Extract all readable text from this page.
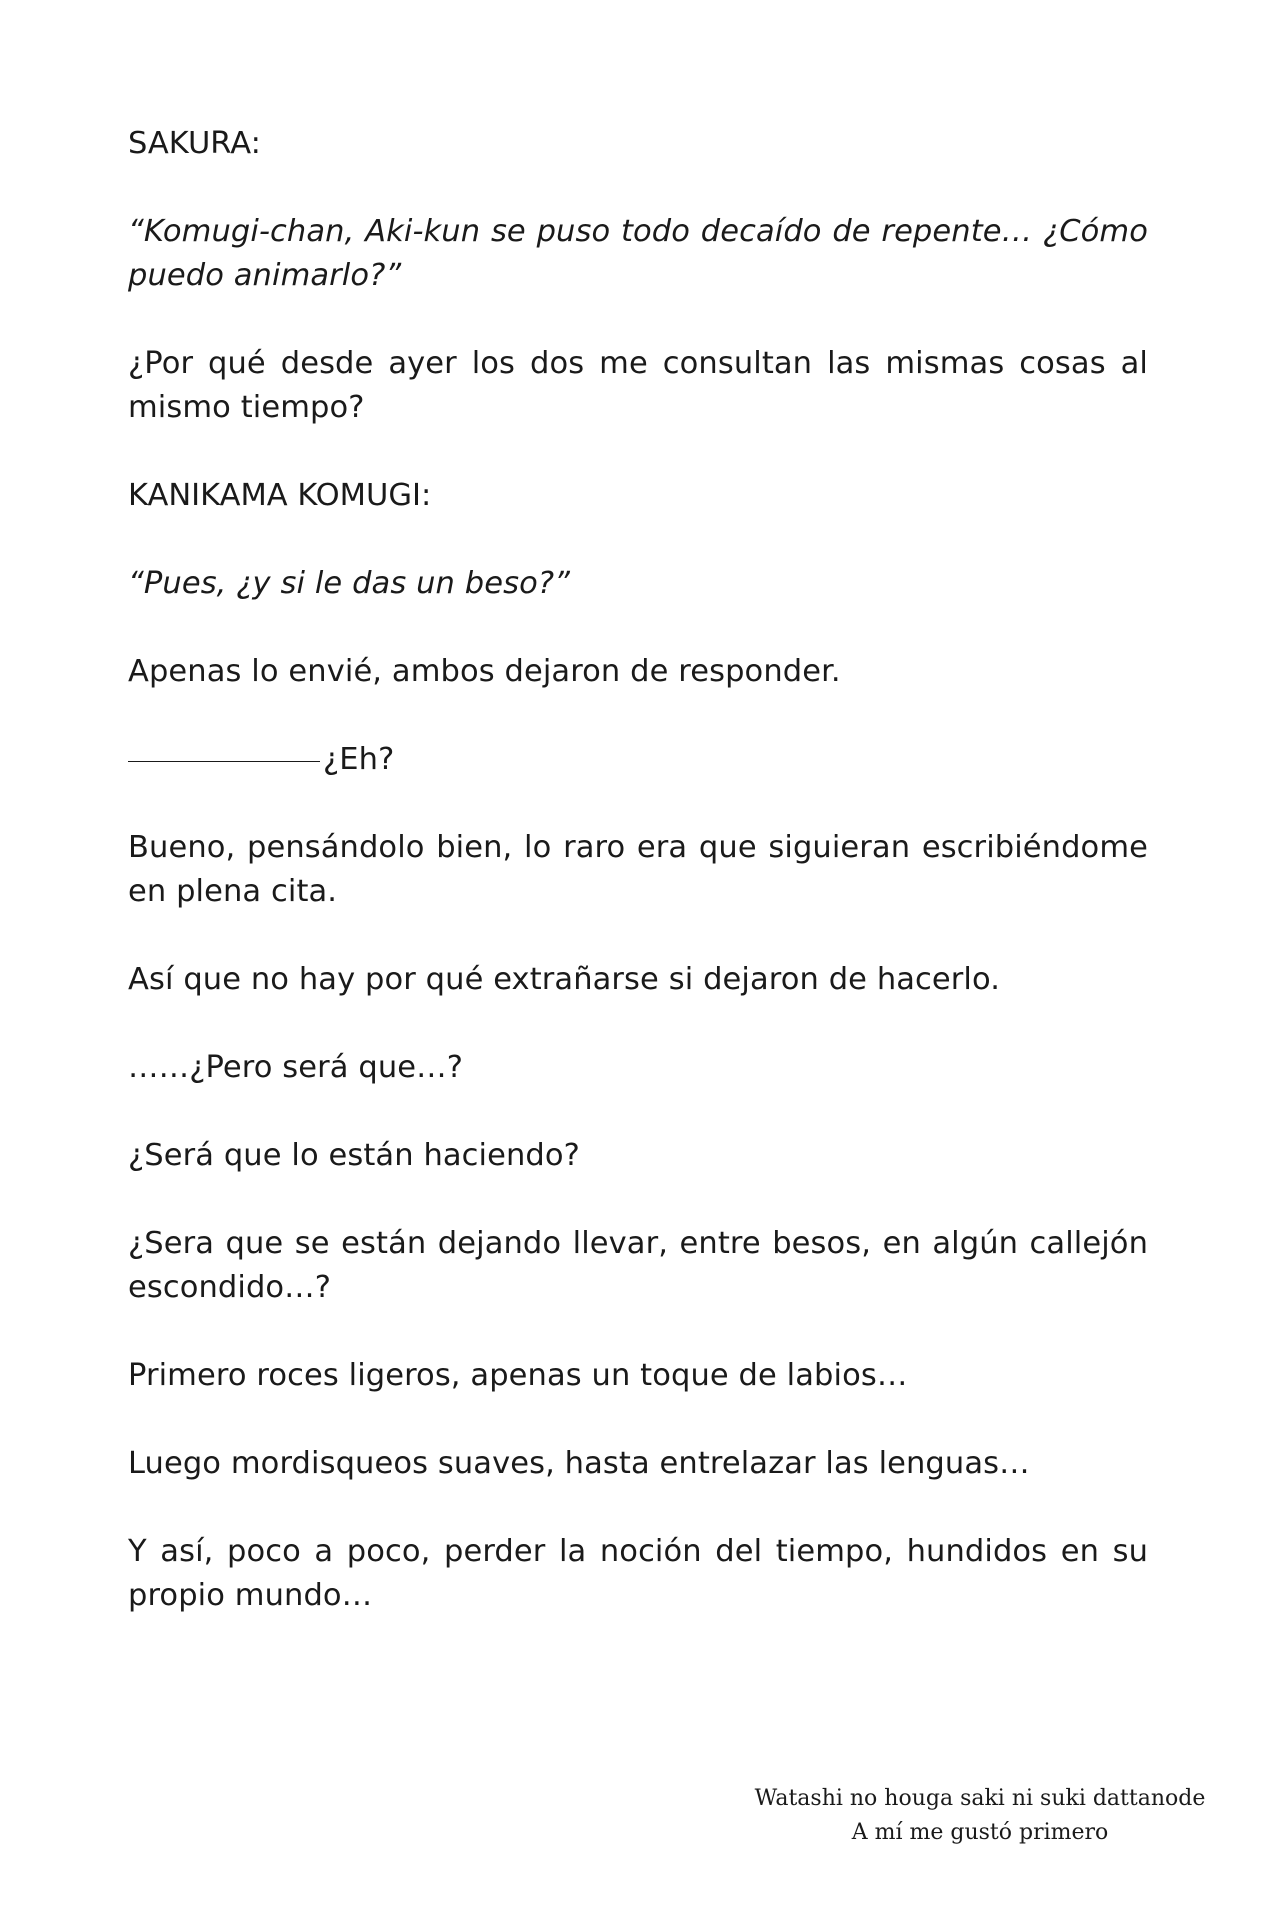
SAKURA:

“Komugi-chan, Aki-kun se puso todo decaído de repente… ¿Cómo puedo animarlo?”

¿Por qué desde ayer los dos me consultan las mismas cosas al mismo tiempo?

KANIKAMA KOMUGI:

“Pues, ¿y si le das un beso?”

Apenas lo envié, ambos dejaron de responder.

¿Eh?

Bueno, pensándolo bien, lo raro era que siguieran escribiéndome en plena cita.

Así que no hay por qué extrañarse si dejaron de hacerlo.

……¿Pero será que…?

¿Será que lo están haciendo?

¿Sera que se están dejando llevar, entre besos, en algún callejón escondido…?

Primero roces ligeros, apenas un toque de labios…

Luego mordisqueos suaves, hasta entrelazar las lenguas…

Y así, poco a poco, perder la noción del tiempo, hundidos en su propio mundo…

Watashi no houga saki ni suki dattanode
A mí me gustó primero
